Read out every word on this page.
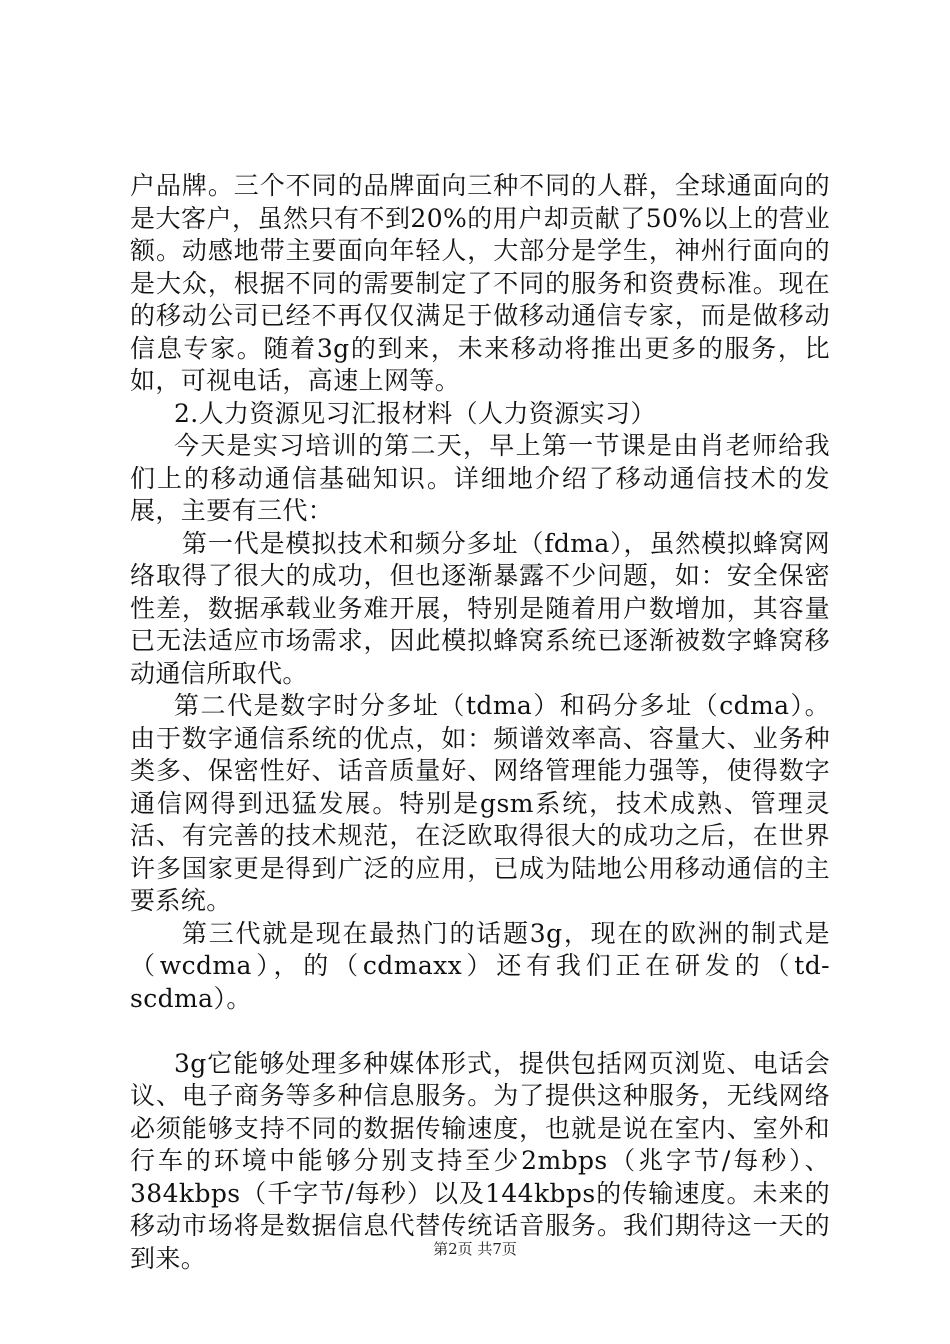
户品牌。三个不同的品牌面向三种不同的人群，全球通面向的是大客户，虽然只有不到20%的用户却贡献了50%以上的营业额。动感地带主要面向年轻人，大部分是学生，神州行面向的是大众，根据不同的需要制定了不同的服务和资费标准。现在的移动公司已经不再仅仅满足于做移动通信专家，而是做移动信息专家。随着3g的到来，未来移动将推出更多的服务，比如，可视电话，高速上网等。

2.人力资源见习汇报材料（人力资源实习）

今天是实习培训的第二天，早上第一节课是由肖老师给我们上的移动通信基础知识。详细地介绍了移动通信技术的发展，主要有三代：

第一代是模拟技术和频分多址（fdma），虽然模拟蜂窝网络取得了很大的成功，但也逐渐暴露不少问题，如：安全保密性差，数据承载业务难开展，特别是随着用户数增加，其容量已无法适应市场需求，因此模拟蜂窝系统已逐渐被数字蜂窝移动通信所取代。

第二代是数字时分多址（tdma）和码分多址（cdma）。由于数字通信系统的优点，如：频谱效率高、容量大、业务种类多、保密性好、话音质量好、网络管理能力强等，使得数字通信网得到迅猛发展。特别是gsm系统，技术成熟、管理灵活、有完善的技术规范，在泛欧取得很大的成功之后，在世界许多国家更是得到广泛的应用，已成为陆地公用移动通信的主要系统。

第三代就是现在最热门的话题3g，现在的欧洲的制式是（wcdma），的（cdmaxx）还有我们正在研发的（td-scdma）。

3g它能够处理多种媒体形式，提供包括网页浏览、电话会议、电子商务等多种信息服务。为了提供这种服务，无线网络必须能够支持不同的数据传输速度，也就是说在室内、室外和行车的环境中能够分别支持至少2mbps（兆字节/每秒）、384kbps（千字节/每秒）以及144kbps的传输速度。未来的移动市场将是数据信息代替传统话音服务。我们期待这一天的到来。	第2页 共7页
